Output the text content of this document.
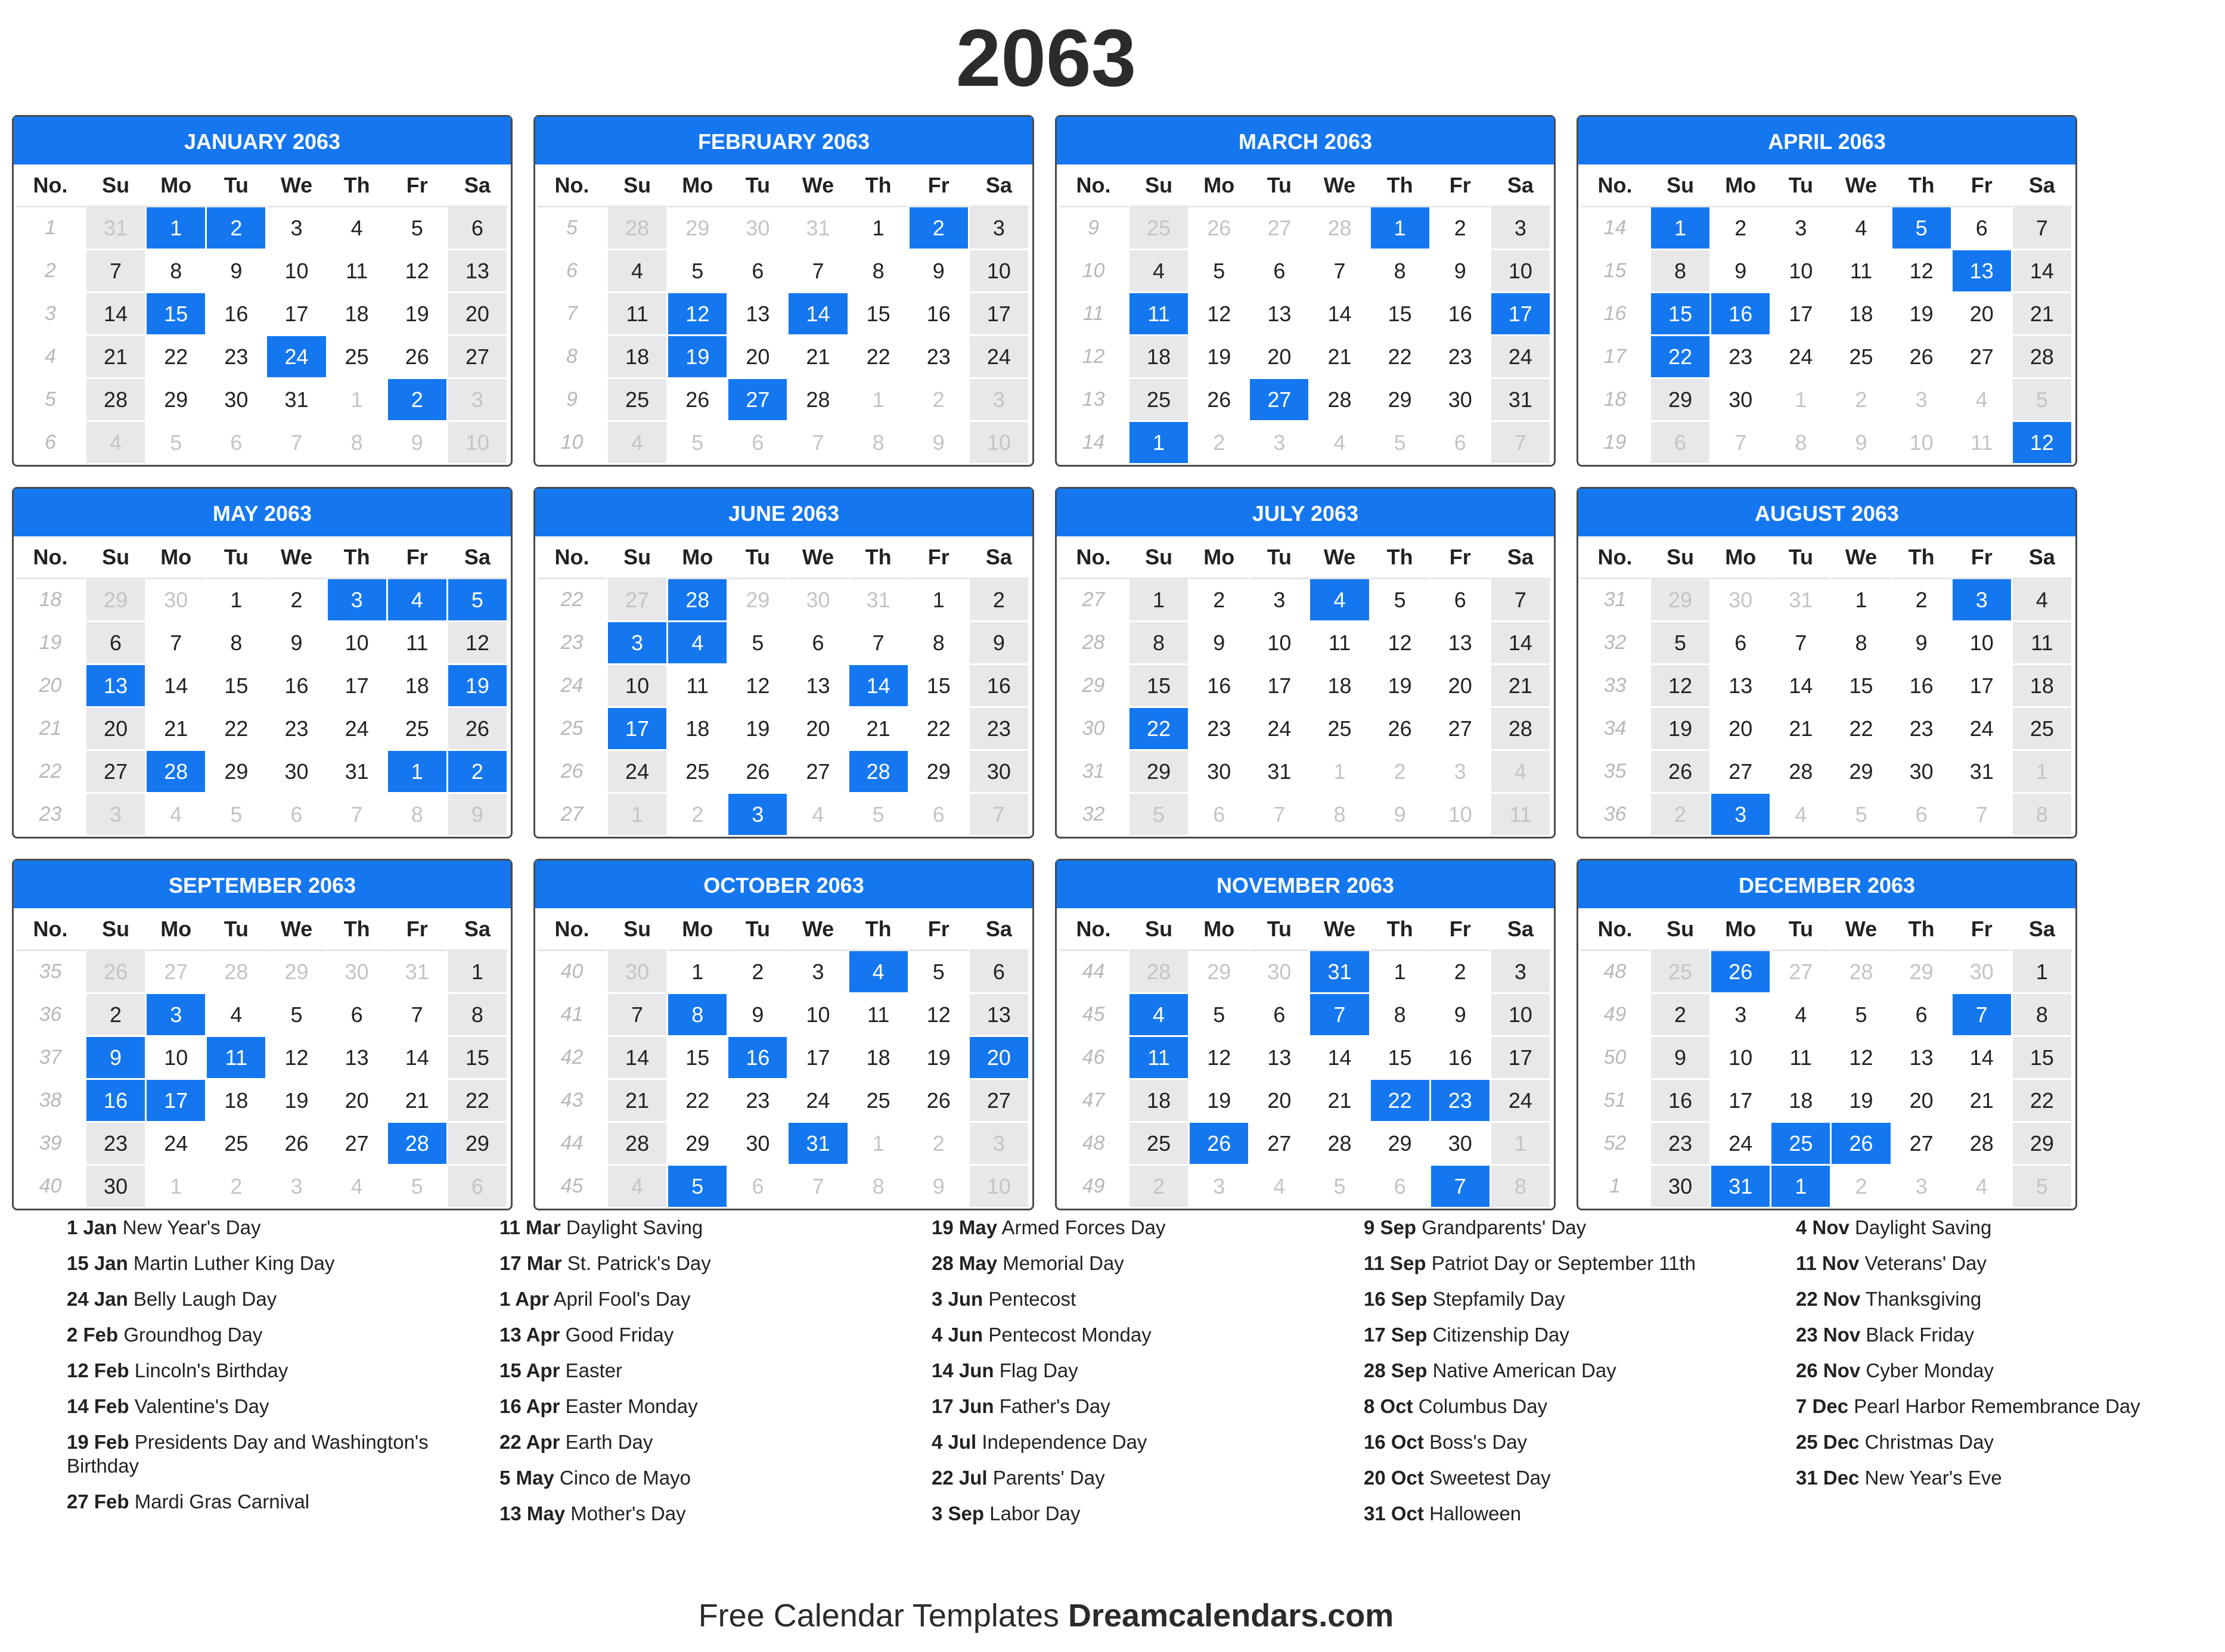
2063
JANUARY 2063
No.	Su	Mo	Tu	We	Th	Fr	Sa
1	31	1	2	3	4	5	6
2	7	8	9	10	11	12	13
3	14	15	16	17	18	19	20
4	21	22	23	24	25	26	27
5	28	29	30	31	1	2	3
6	4	5	6	7	8	9	10
FEBRUARY 2063
No.	Su	Mo	Tu	We	Th	Fr	Sa
5	28	29	30	31	1	2	3
6	4	5	6	7	8	9	10
7	11	12	13	14	15	16	17
8	18	19	20	21	22	23	24
9	25	26	27	28	1	2	3
10	4	5	6	7	8	9	10
MARCH 2063
No.	Su	Mo	Tu	We	Th	Fr	Sa
9	25	26	27	28	1	2	3
10	4	5	6	7	8	9	10
11	11	12	13	14	15	16	17
12	18	19	20	21	22	23	24
13	25	26	27	28	29	30	31
14	1	2	3	4	5	6	7
APRIL 2063
No.	Su	Mo	Tu	We	Th	Fr	Sa
14	1	2	3	4	5	6	7
15	8	9	10	11	12	13	14
16	15	16	17	18	19	20	21
17	22	23	24	25	26	27	28
18	29	30	1	2	3	4	5
19	6	7	8	9	10	11	12
MAY 2063
No.	Su	Mo	Tu	We	Th	Fr	Sa
18	29	30	1	2	3	4	5
19	6	7	8	9	10	11	12
20	13	14	15	16	17	18	19
21	20	21	22	23	24	25	26
22	27	28	29	30	31	1	2
23	3	4	5	6	7	8	9
JUNE 2063
No.	Su	Mo	Tu	We	Th	Fr	Sa
22	27	28	29	30	31	1	2
23	3	4	5	6	7	8	9
24	10	11	12	13	14	15	16
25	17	18	19	20	21	22	23
26	24	25	26	27	28	29	30
27	1	2	3	4	5	6	7
JULY 2063
No.	Su	Mo	Tu	We	Th	Fr	Sa
27	1	2	3	4	5	6	7
28	8	9	10	11	12	13	14
29	15	16	17	18	19	20	21
30	22	23	24	25	26	27	28
31	29	30	31	1	2	3	4
32	5	6	7	8	9	10	11
AUGUST 2063
No.	Su	Mo	Tu	We	Th	Fr	Sa
31	29	30	31	1	2	3	4
32	5	6	7	8	9	10	11
33	12	13	14	15	16	17	18
34	19	20	21	22	23	24	25
35	26	27	28	29	30	31	1
36	2	3	4	5	6	7	8
SEPTEMBER 2063
No.	Su	Mo	Tu	We	Th	Fr	Sa
35	26	27	28	29	30	31	1
36	2	3	4	5	6	7	8
37	9	10	11	12	13	14	15
38	16	17	18	19	20	21	22
39	23	24	25	26	27	28	29
40	30	1	2	3	4	5	6
OCTOBER 2063
No.	Su	Mo	Tu	We	Th	Fr	Sa
40	30	1	2	3	4	5	6
41	7	8	9	10	11	12	13
42	14	15	16	17	18	19	20
43	21	22	23	24	25	26	27
44	28	29	30	31	1	2	3
45	4	5	6	7	8	9	10
NOVEMBER 2063
No.	Su	Mo	Tu	We	Th	Fr	Sa
44	28	29	30	31	1	2	3
45	4	5	6	7	8	9	10
46	11	12	13	14	15	16	17
47	18	19	20	21	22	23	24
48	25	26	27	28	29	30	1
49	2	3	4	5	6	7	8
DECEMBER 2063
No.	Su	Mo	Tu	We	Th	Fr	Sa
48	25	26	27	28	29	30	1
49	2	3	4	5	6	7	8
50	9	10	11	12	13	14	15
51	16	17	18	19	20	21	22
52	23	24	25	26	27	28	29
1	30	31	1	2	3	4	5
1 Jan New Year's Day
15 Jan Martin Luther King Day
24 Jan Belly Laugh Day
2 Feb Groundhog Day
12 Feb Lincoln's Birthday
14 Feb Valentine's Day
19 Feb Presidents Day and Washington's Birthday
27 Feb Mardi Gras Carnival
11 Mar Daylight Saving
17 Mar St. Patrick's Day
1 Apr April Fool's Day
13 Apr Good Friday
15 Apr Easter
16 Apr Easter Monday
22 Apr Earth Day
5 May Cinco de Mayo
13 May Mother's Day
19 May Armed Forces Day
28 May Memorial Day
3 Jun Pentecost
4 Jun Pentecost Monday
14 Jun Flag Day
17 Jun Father's Day
4 Jul Independence Day
22 Jul Parents' Day
3 Sep Labor Day
9 Sep Grandparents' Day
11 Sep Patriot Day or September 11th
16 Sep Stepfamily Day
17 Sep Citizenship Day
28 Sep Native American Day
8 Oct Columbus Day
16 Oct Boss's Day
20 Oct Sweetest Day
31 Oct Halloween
4 Nov Daylight Saving
11 Nov Veterans' Day
22 Nov Thanksgiving
23 Nov Black Friday
26 Nov Cyber Monday
7 Dec Pearl Harbor Remembrance Day
25 Dec Christmas Day
31 Dec New Year's Eve
Free Calendar Templates Dreamcalendars.com
